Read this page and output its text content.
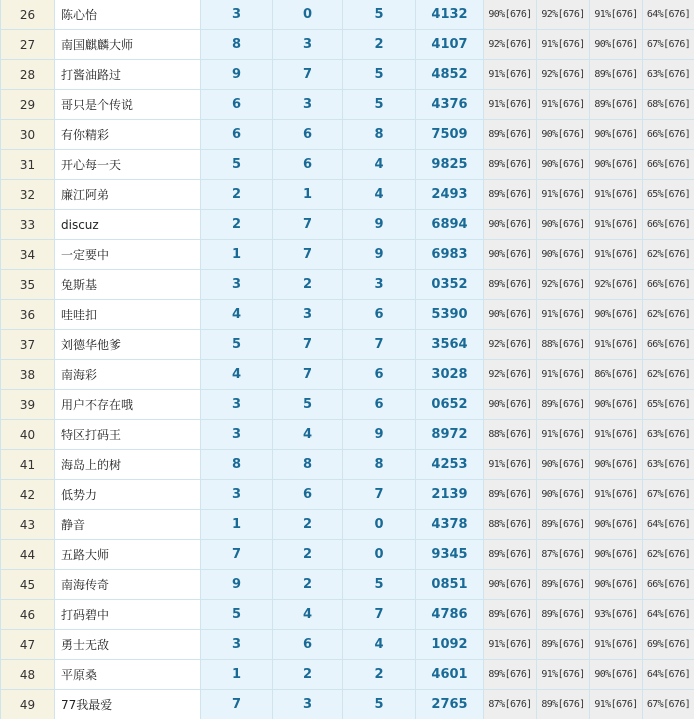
26	陈心怡	3	0	5	4132	90%[676]	92%[676]	91%[676]	64%[676]
27	南国麒麟大师	8	3	2	4107	92%[676]	91%[676]	90%[676]	67%[676]
28	打酱油路过	9	7	5	4852	91%[676]	92%[676]	89%[676]	63%[676]
29	哥只是个传说	6	3	5	4376	91%[676]	91%[676]	89%[676]	68%[676]
30	有你精彩	6	6	8	7509	89%[676]	90%[676]	90%[676]	66%[676]
31	开心每一天	5	6	4	9825	89%[676]	90%[676]	90%[676]	66%[676]
32	廉江阿弟	2	1	4	2493	89%[676]	91%[676]	91%[676]	65%[676]
33	discuz	2	7	9	6894	90%[676]	90%[676]	91%[676]	66%[676]
34	一定要中	1	7	9	6983	90%[676]	90%[676]	91%[676]	62%[676]
35	兔斯基	3	2	3	0352	89%[676]	92%[676]	92%[676]	66%[676]
36	哇哇扣	4	3	6	5390	90%[676]	91%[676]	90%[676]	62%[676]
37	刘德华他爹	5	7	7	3564	92%[676]	88%[676]	91%[676]	66%[676]
38	南海彩	4	7	6	3028	92%[676]	91%[676]	86%[676]	62%[676]
39	用户不存在哦	3	5	6	0652	90%[676]	89%[676]	90%[676]	65%[676]
40	特区打码王	3	4	9	8972	88%[676]	91%[676]	91%[676]	63%[676]
41	海岛上的树	8	8	8	4253	91%[676]	90%[676]	90%[676]	63%[676]
42	低势力	3	6	7	2139	89%[676]	90%[676]	91%[676]	67%[676]
43	静音	1	2	0	4378	88%[676]	89%[676]	90%[676]	64%[676]
44	五路大师	7	2	0	9345	89%[676]	87%[676]	90%[676]	62%[676]
45	南海传奇	9	2	5	0851	90%[676]	89%[676]	90%[676]	66%[676]
46	打码碧中	5	4	7	4786	89%[676]	89%[676]	93%[676]	64%[676]
47	勇士无敌	3	6	4	1092	91%[676]	89%[676]	91%[676]	69%[676]
48	平原桑	1	2	2	4601	89%[676]	91%[676]	90%[676]	64%[676]
49	77我最爱	7	3	5	2765	87%[676]	89%[676]	91%[676]	67%[676]
